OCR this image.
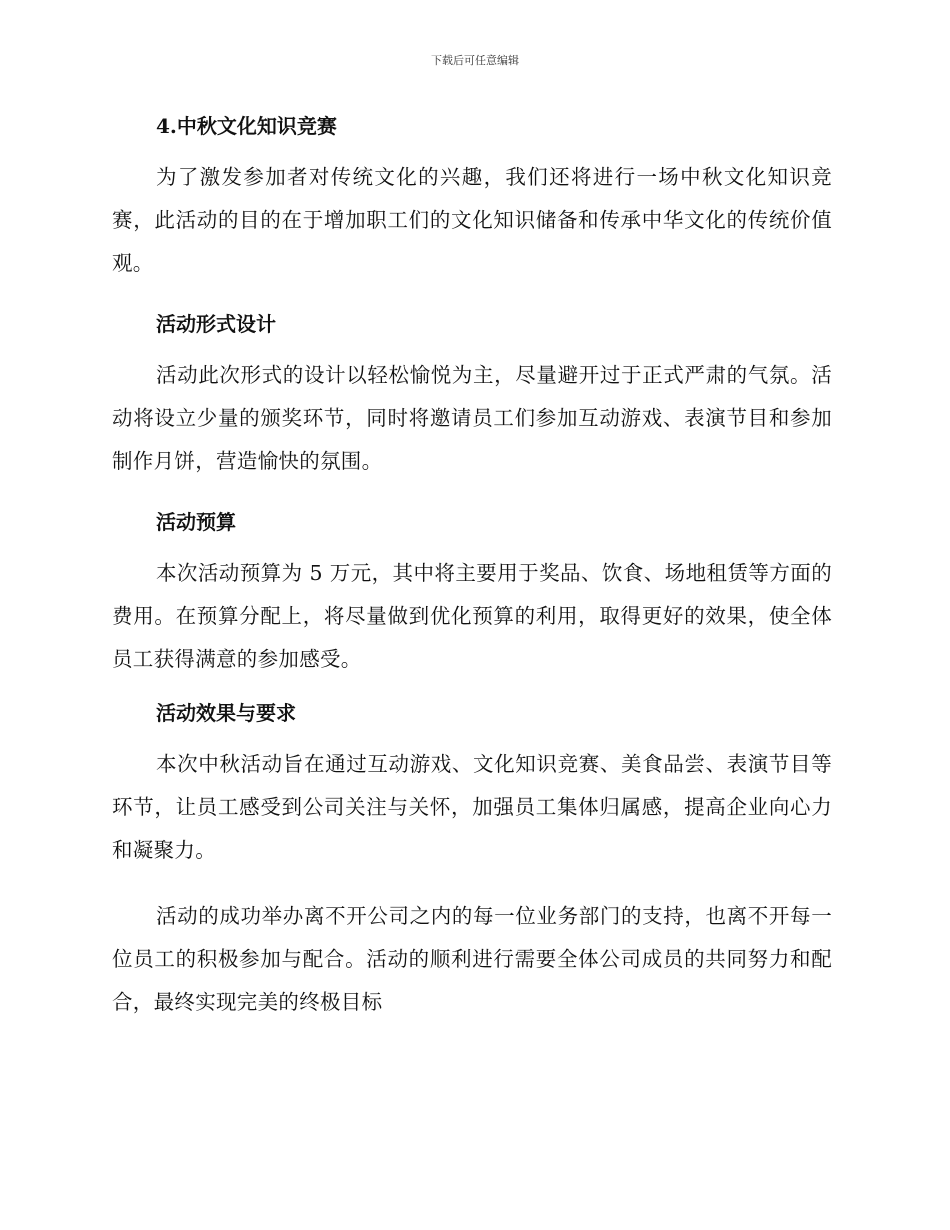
下载后可任意编辑
4.中秋文化知识竞赛

为了激发参加者对传统文化的兴趣，我们还将进行一场中秋文化知识竞赛，此活动的目的在于增加职工们的文化知识储备和传承中华文化的传统价值观。

活动形式设计

活动此次形式的设计以轻松愉悦为主，尽量避开过于正式严肃的气氛。活动将设立少量的颁奖环节，同时将邀请员工们参加互动游戏、表演节目和参加制作月饼，营造愉快的氛围。

活动预算

本次活动预算为 5 万元，其中将主要用于奖品、饮食、场地租赁等方面的费用。在预算分配上，将尽量做到优化预算的利用，取得更好的效果，使全体员工获得满意的参加感受。

活动效果与要求

本次中秋活动旨在通过互动游戏、文化知识竞赛、美食品尝、表演节目等环节，让员工感受到公司关注与关怀，加强员工集体归属感，提高企业向心力和凝聚力。

活动的成功举办离不开公司之内的每一位业务部门的支持，也离不开每一位员工的积极参加与配合。活动的顺利进行需要全体公司成员的共同努力和配合，最终实现完美的终极目标
